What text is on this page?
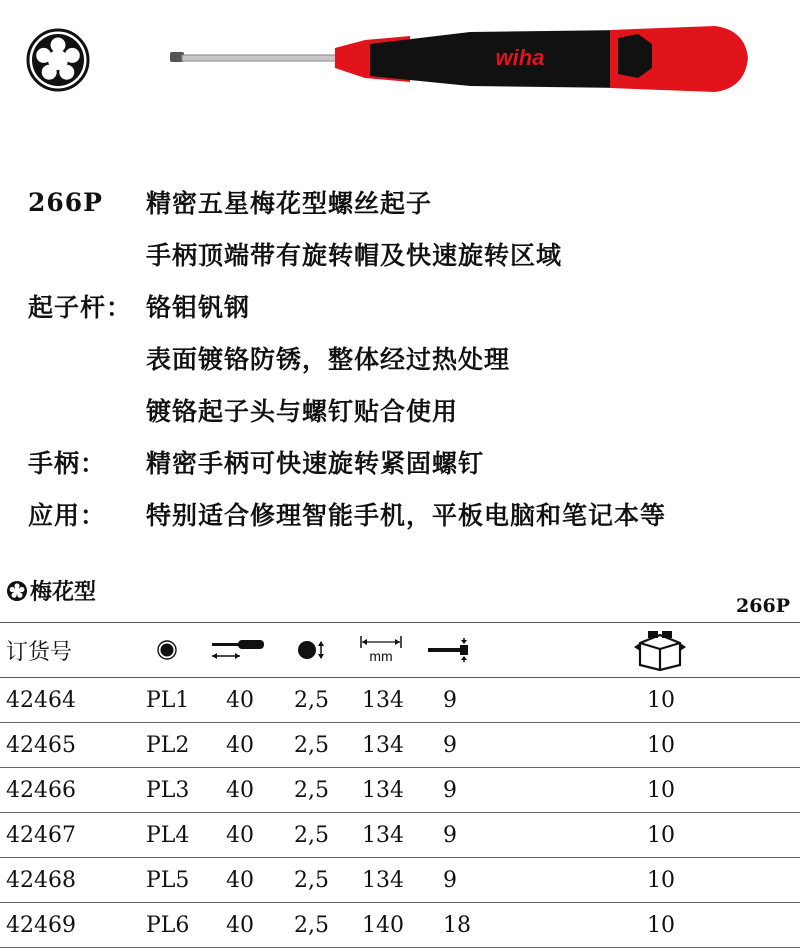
wiha
266P	精密五星梅花型螺丝起子
手柄顶端带有旋转帽及快速旋转区域
起子杆： 铬钼钒钢
表面镀铬防锈，整体经过热处理
镀铬起子头与螺钉贴合使用
手柄：	精密手柄可快速旋转紧固螺钉
应用：	特别适合修理智能手机，平板电脑和笔记本等
梅花型
266P
订货号	mm
42464	PL1 40 2,5 134 9	10
42465	PL2 40 2,5 134 9	10
42466	PL3 40 2,5 134 9	10
42467	PL4 40 2,5 134 9	10
42468	PL5 40 2,5 134 9	10
42469	PL6 40 2,5 140 18	10
